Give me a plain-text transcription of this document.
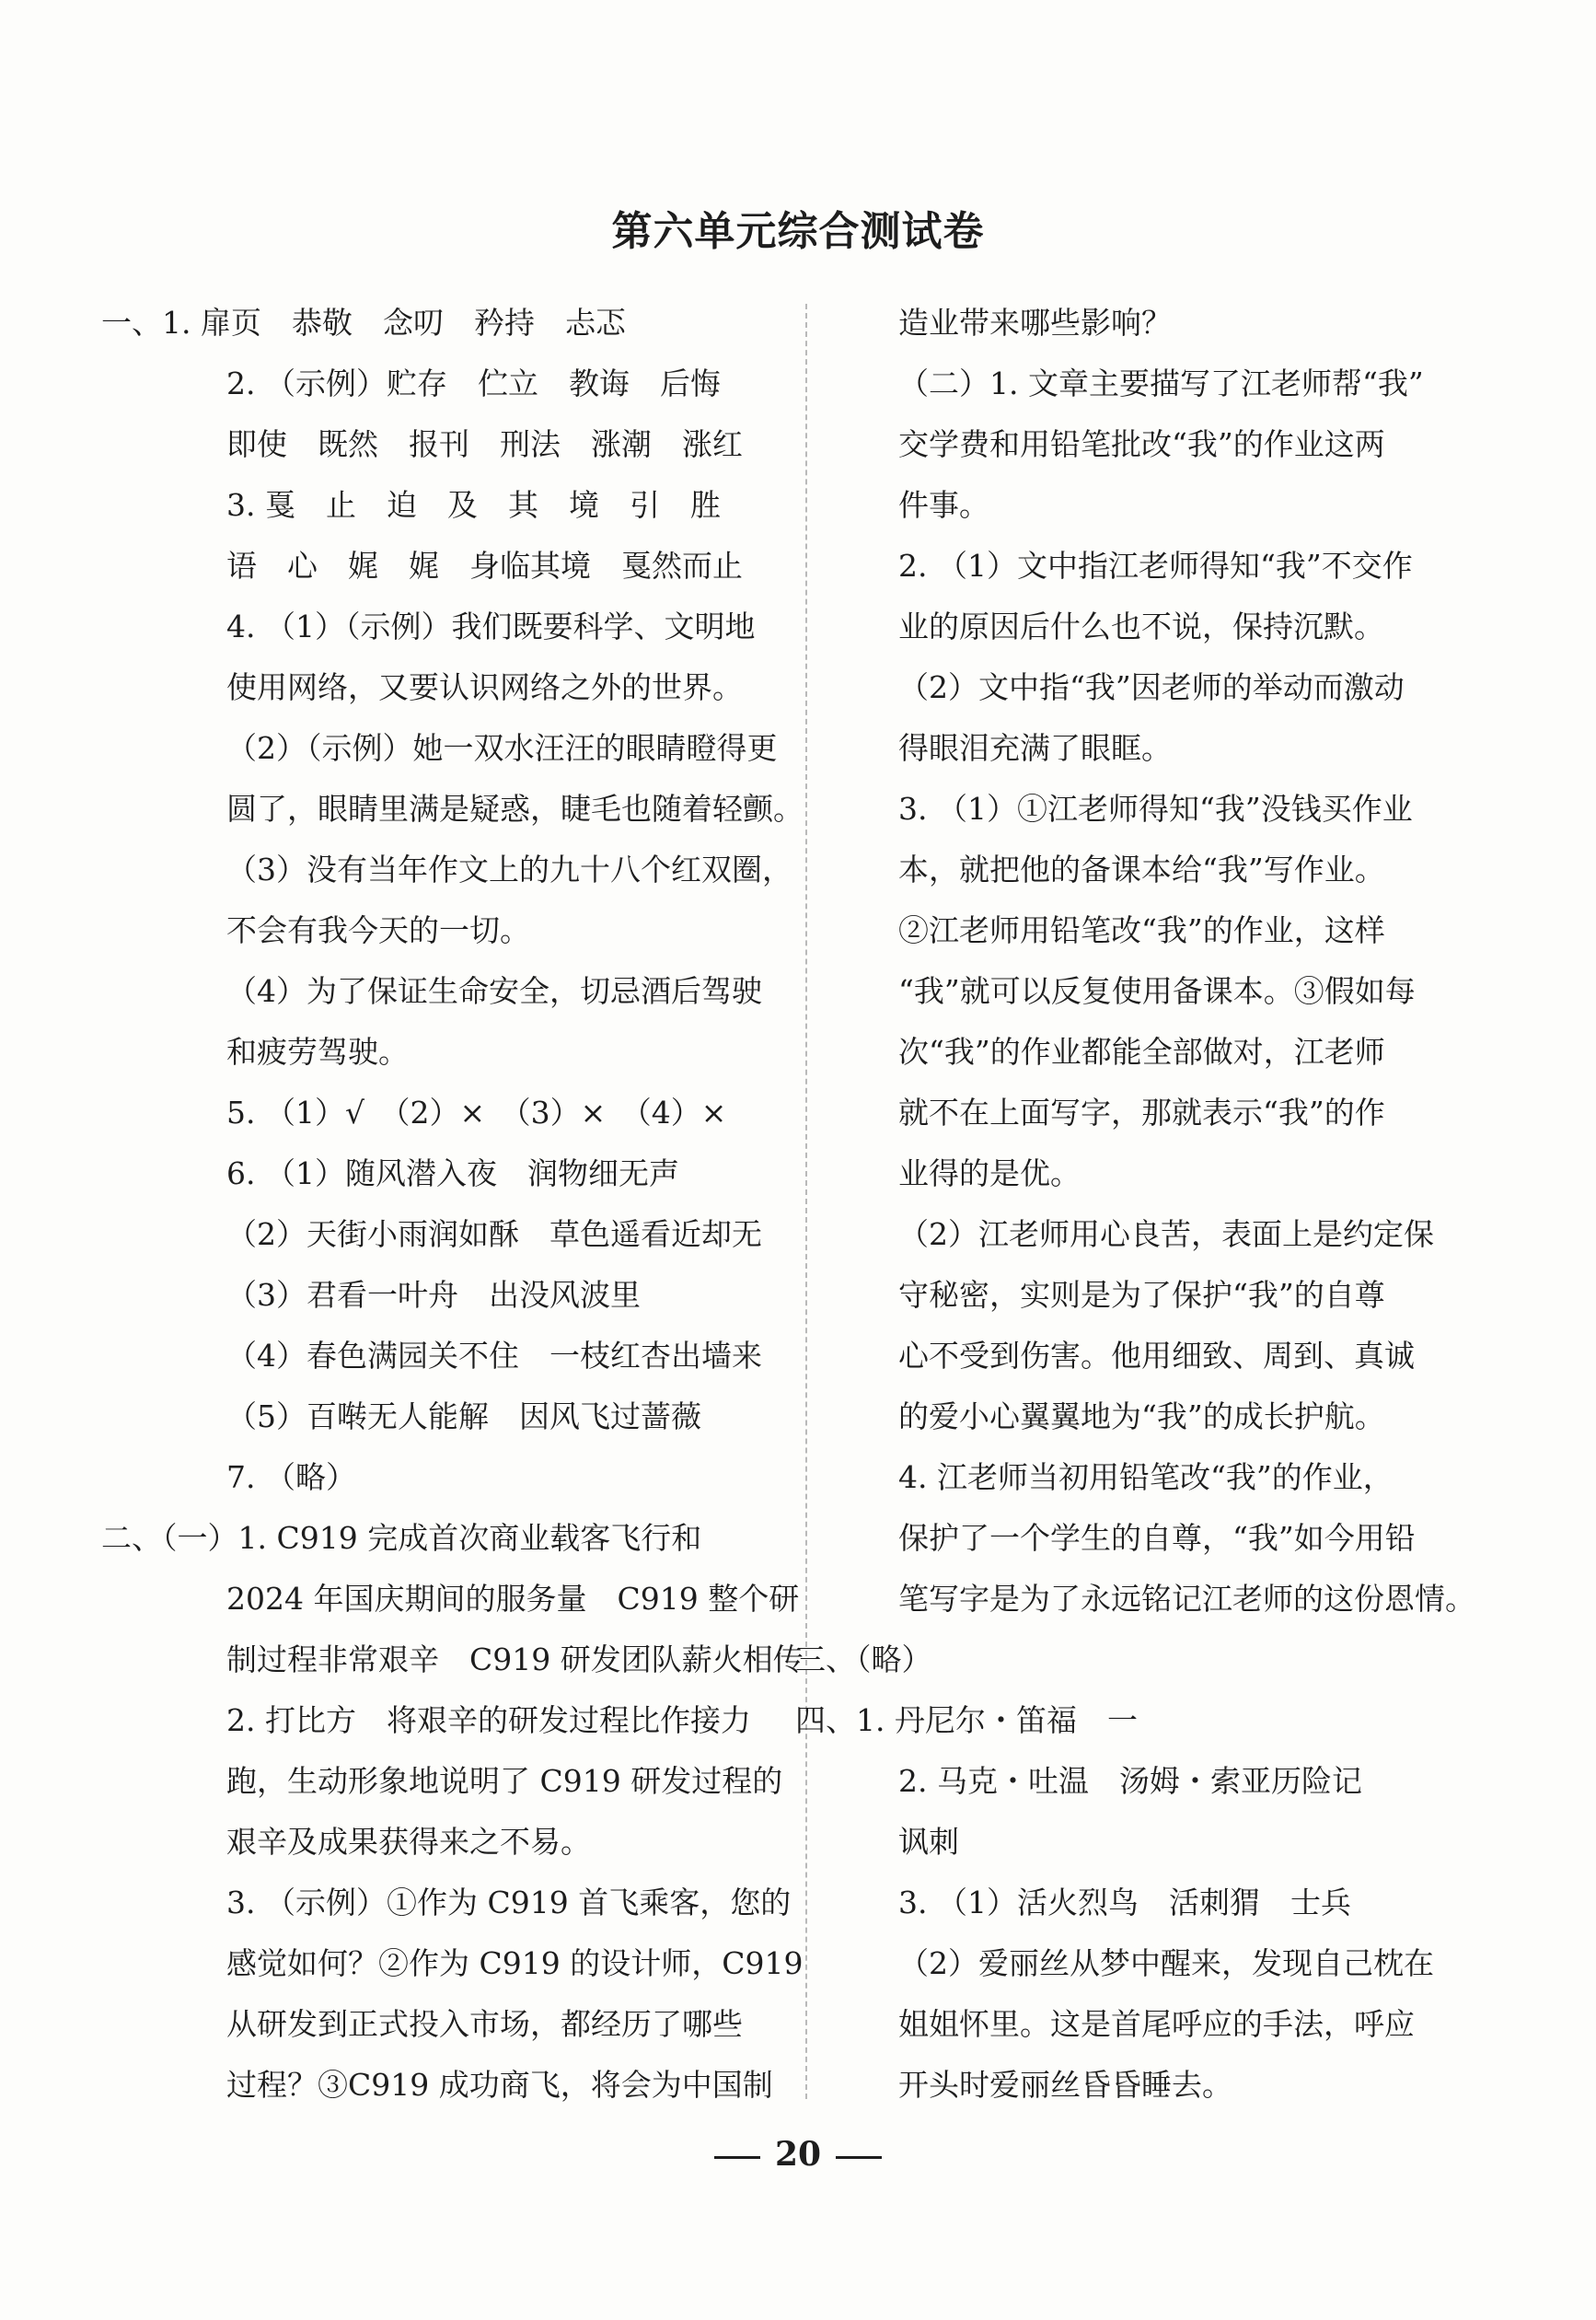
第六单元综合测试卷
一、1. 扉页　恭敬　念叨　矜持　忐忑
2. （示例）贮存　伫立　教诲　后悔
即使　既然　报刊　刑法　涨潮　涨红
3. 戛　止　迫　及　其　境　引　胜
语　心　娓　娓　身临其境　戛然而止
4. （1）（示例）我们既要科学、文明地
使用网络，又要认识网络之外的世界。
（2）（示例）她一双水汪汪的眼睛瞪得更
圆了，眼睛里满是疑惑，睫毛也随着轻颤。
（3）没有当年作文上的九十八个红双圈，
不会有我今天的一切。
（4）为了保证生命安全，切忌酒后驾驶
和疲劳驾驶。
5. （1）√　（2）×　（3）×　（4）×
6. （1）随风潜入夜　润物细无声
（2）天街小雨润如酥　草色遥看近却无
（3）君看一叶舟　出没风波里
（4）春色满园关不住　一枝红杏出墙来
（5）百啭无人能解　因风飞过蔷薇
7. （略）
二、（一）1. C919 完成首次商业载客飞行和
2024 年国庆期间的服务量　C919 整个研
制过程非常艰辛　C919 研发团队薪火相传
2. 打比方　将艰辛的研发过程比作接力
跑，生动形象地说明了 C919 研发过程的
艰辛及成果获得来之不易。
3. （示例）①作为 C919 首飞乘客，您的
感觉如何？②作为 C919 的设计师，C919
从研发到正式投入市场，都经历了哪些
过程？③C919 成功商飞，将会为中国制
造业带来哪些影响？
（二）1. 文章主要描写了江老师帮“我”
交学费和用铅笔批改“我”的作业这两
件事。
2. （1）文中指江老师得知“我”不交作
业的原因后什么也不说，保持沉默。
（2）文中指“我”因老师的举动而激动
得眼泪充满了眼眶。
3. （1）①江老师得知“我”没钱买作业
本，就把他的备课本给“我”写作业。
②江老师用铅笔改“我”的作业，这样
“我”就可以反复使用备课本。③假如每
次“我”的作业都能全部做对，江老师
就不在上面写字，那就表示“我”的作
业得的是优。
（2）江老师用心良苦，表面上是约定保
守秘密，实则是为了保护“我”的自尊
心不受到伤害。他用细致、周到、真诚
的爱小心翼翼地为“我”的成长护航。
4. 江老师当初用铅笔改“我”的作业，
保护了一个学生的自尊，“我”如今用铅
笔写字是为了永远铭记江老师的这份恩情。
三、（略）
四、1. 丹尼尔・笛福　一
2. 马克・吐温　汤姆・索亚历险记
讽刺
3. （1）活火烈鸟　活刺猬　士兵
（2）爱丽丝从梦中醒来，发现自己枕在
姐姐怀里。这是首尾呼应的手法，呼应
开头时爱丽丝昏昏睡去。
20
